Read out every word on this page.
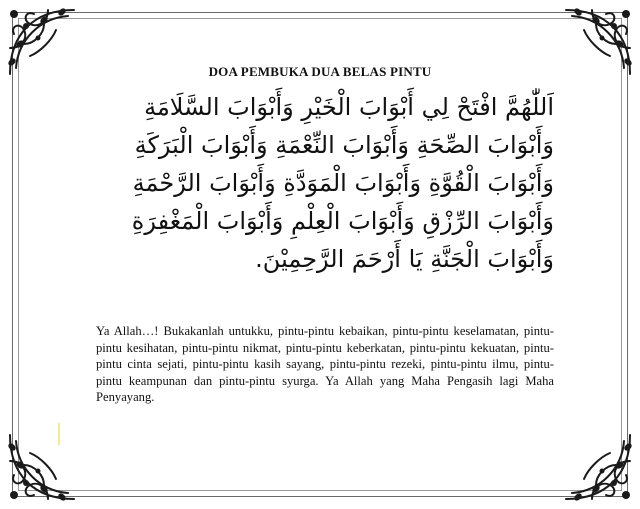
DOA PEMBUKA DUA BELAS PINTU
اَللّٰهُمَّ افْتَحْ لِي أَبْوَابَ الْخَيْرِ وَأَبْوَابَ السَّلَامَةِ
وَأَبْوَابَ الصِّحَةِ وَأَبْوَابَ النِّعْمَةِ وَأَبْوَابَ الْبَرَكَةِ
وَأَبْوَابَ الْقُوَّةِ وَأَبْوَابَ الْمَوَدَّةِ وَأَبْوَابَ الرَّحْمَةِ
وَأَبْوَابَ الرِّزْقِ وَأَبْوَابَ الْعِلْمِ وَأَبْوَابَ الْمَغْفِرَةِ
وَأَبْوَابَ الْجَنَّةِ يَا أَرْحَمَ الرَّحِمِيْنَ.
Ya Allah…! Bukakanlah untukku, pintu-pintu kebaikan, pintu-pintu keselamatan, pintu-pintu kesihatan, pintu-pintu nikmat, pintu-pintu keberkatan, pintu-pintu kekuatan, pintu-pintu cinta sejati, pintu-pintu kasih sayang, pintu-pintu rezeki, pintu-pintu ilmu, pintu-pintu keampunan dan pintu-pintu syurga. Ya Allah yang Maha Pengasih lagi Maha Penyayang.
